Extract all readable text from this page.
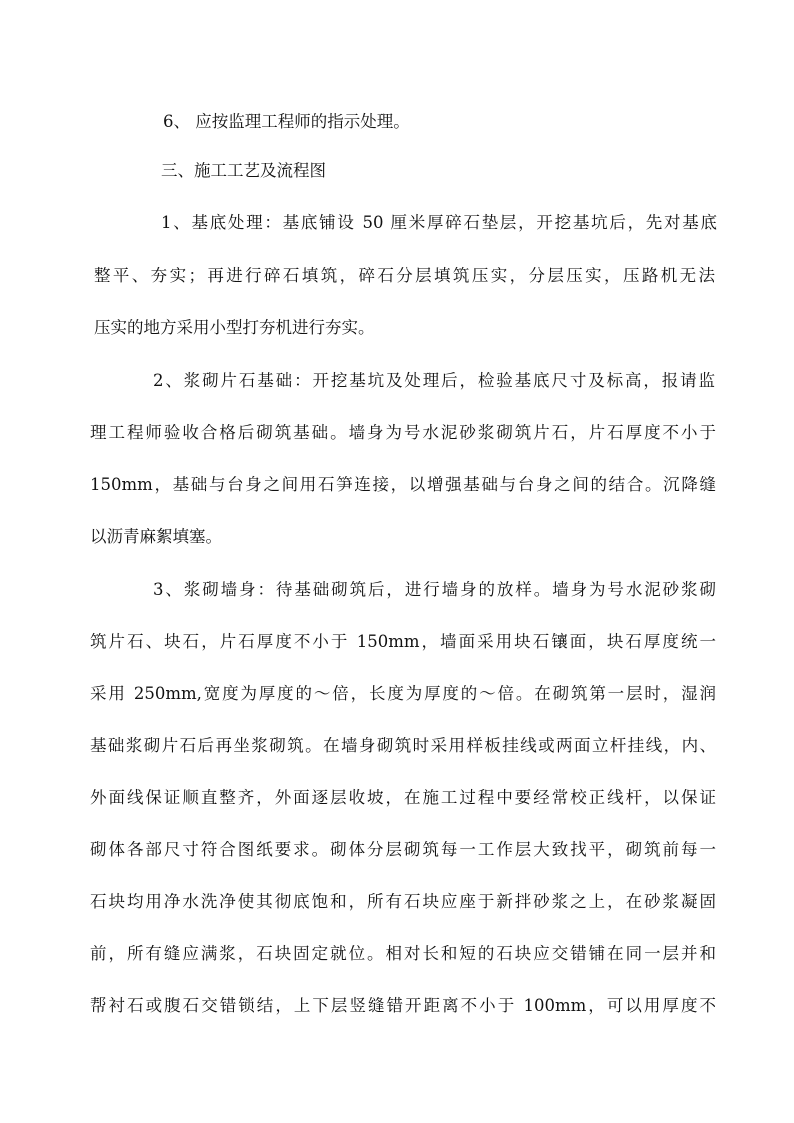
6、 应按监理工程师的指示处理。
三、施工工艺及流程图
1、基底处理：基底铺设 50 厘米厚碎石垫层，开挖基坑后，先对基底
整平、夯实；再进行碎石填筑，碎石分层填筑压实，分层压实，压路机无法
压实的地方采用小型打夯机进行夯实。
2、浆砌片石基础：开挖基坑及处理后，检验基底尺寸及标高，报请监
理工程师验收合格后砌筑基础。墙身为号水泥砂浆砌筑片石，片石厚度不小于
150mm，基础与台身之间用石笋连接，以增强基础与台身之间的结合。沉降缝
以沥青麻絮填塞。
3、浆砌墙身：待基础砌筑后，进行墙身的放样。墙身为号水泥砂浆砌
筑片石、块石，片石厚度不小于 150mm，墙面采用块石镶面，块石厚度统一
采用 250mm,宽度为厚度的～倍，长度为厚度的～倍。在砌筑第一层时，湿润
基础浆砌片石后再坐浆砌筑。在墙身砌筑时采用样板挂线或两面立杆挂线，内、
外面线保证顺直整齐，外面逐层收坡，在施工过程中要经常校正线杆，以保证
砌体各部尺寸符合图纸要求。砌体分层砌筑每一工作层大致找平，砌筑前每一
石块均用净水洗净使其彻底饱和，所有石块应座于新拌砂浆之上，在砂浆凝固
前，所有缝应满浆，石块固定就位。相对长和短的石块应交错铺在同一层并和
帮衬石或腹石交错锁结，上下层竖缝错开距离不小于 100mm，可以用厚度不
